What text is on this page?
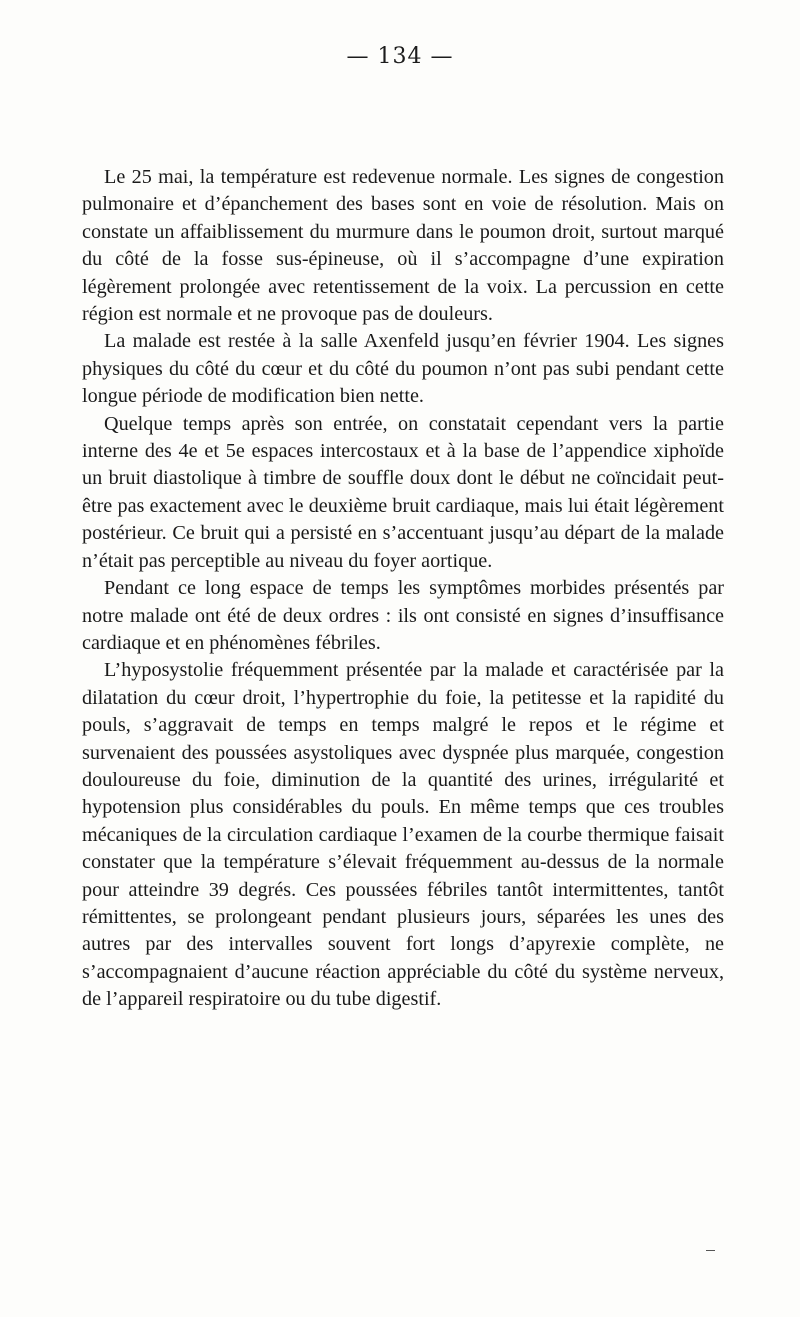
— 134 —

Le 25 mai, la température est redevenue normale. Les signes de congestion pulmonaire et d’épanchement des bases sont en voie de résolution. Mais on constate un affaiblissement du murmure dans le poumon droit, surtout marqué du côté de la fosse sus-épineuse, où il s’accompagne d’une expiration légèrement prolongée avec retentissement de la voix. La percussion en cette région est normale et ne provoque pas de douleurs.

La malade est restée à la salle Axenfeld jusqu’en février 1904. Les signes physiques du côté du cœur et du côté du poumon n’ont pas subi pendant cette longue période de modification bien nette.

Quelque temps après son entrée, on constatait cependant vers la partie interne des 4e et 5e espaces intercostaux et à la base de l’appendice xiphoïde un bruit diastolique à timbre de souffle doux dont le début ne coïncidait peut-être pas exactement avec le deuxième bruit cardiaque, mais lui était légèrement postérieur. Ce bruit qui a persisté en s’accentuant jusqu’au départ de la malade n’était pas perceptible au niveau du foyer aortique.

Pendant ce long espace de temps les symptômes morbides présentés par notre malade ont été de deux ordres : ils ont consisté en signes d’insuffisance cardiaque et en phénomènes fébriles.

L’hyposystolie fréquemment présentée par la malade et caractérisée par la dilatation du cœur droit, l’hypertrophie du foie, la petitesse et la rapidité du pouls, s’aggravait de temps en temps malgré le repos et le régime et survenaient des poussées asystoliques avec dyspnée plus marquée, congestion douloureuse du foie, diminution de la quantité des urines, irrégularité et hypotension plus considérables du pouls. En même temps que ces troubles mécaniques de la circulation cardiaque l’examen de la courbe thermique faisait constater que la température s’élevait fréquemment au-dessus de la normale pour atteindre 39 degrés. Ces poussées fébriles tantôt intermittentes, tantôt rémittentes, se prolongeant pendant plusieurs jours, séparées les unes des autres par des intervalles souvent fort longs d’apyrexie complète, ne s’accompagnaient d’aucune réaction appréciable du côté du système nerveux, de l’appareil respiratoire ou du tube digestif.
